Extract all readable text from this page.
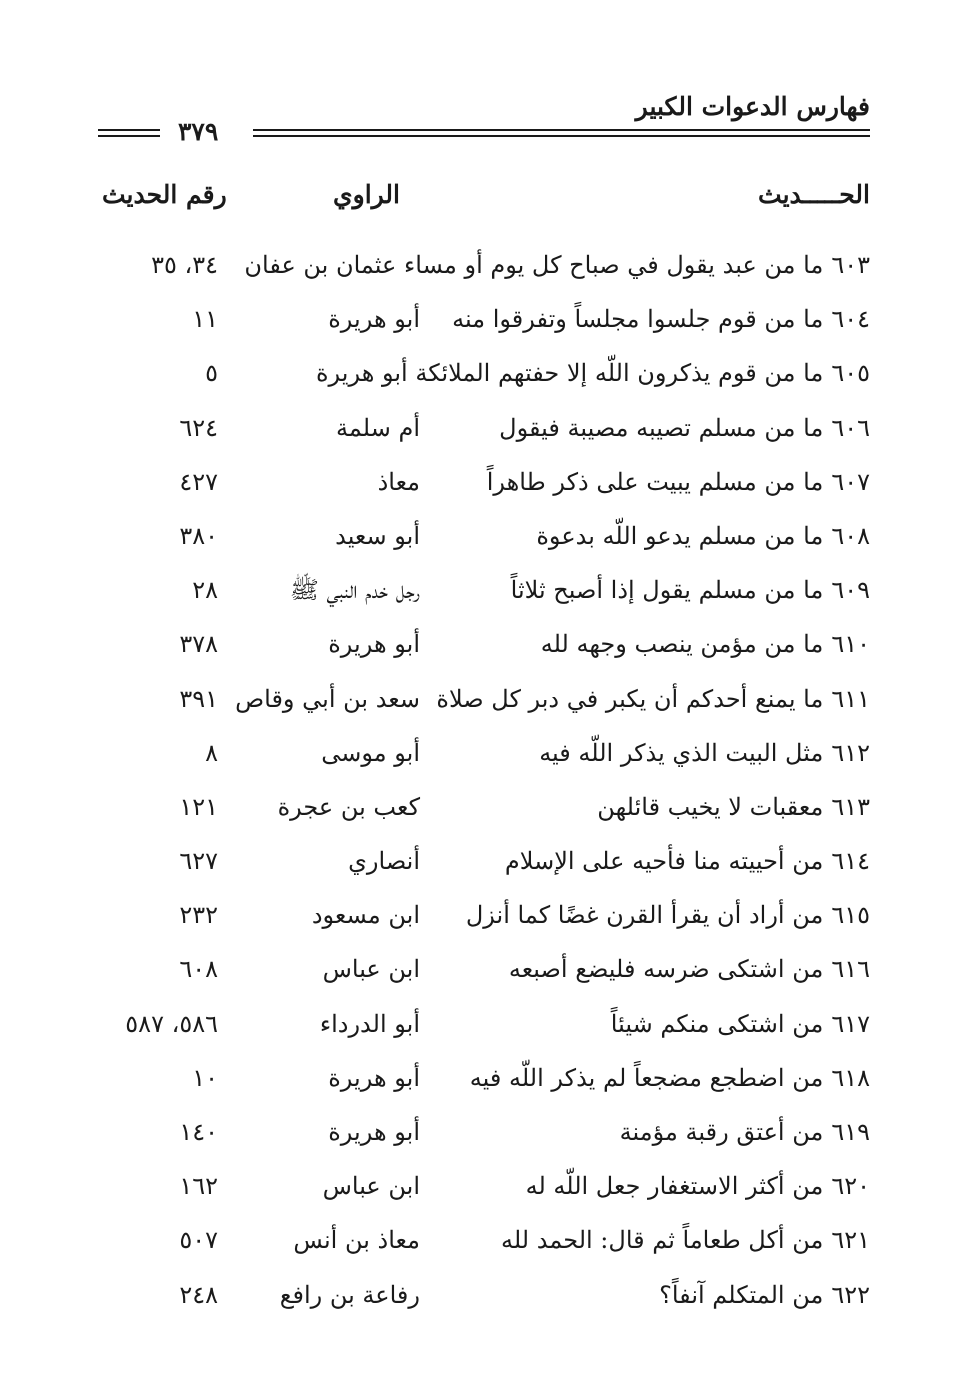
فهارس الدعوات الكبير
٣٧٩
الحـــــديث
الراوي
رقم الحديث
٦٠٣ما من عبد يقول في صباح كل يوم أو مساء عثمان بن عفان
٣٤، ٣٥
٦٠٤ما من قوم جلسوا مجلساً وتفرقوا منه
أبو هريرة
١١
٦٠٥ما من قوم يذكرون اللّه إلا حفتهم الملائكة أبو هريرة
٥
٦٠٦ما من مسلم تصيبه مصيبة فيقول
أم سلمة
٦٢٤
٦٠٧ما من مسلم يبيت على ذكر طاهراً
معاذ
٤٢٧
٦٠٨ما من مسلم يدعو اللّه بدعوة
أبو سعيد
٣٨٠
٦٠٩ما من مسلم يقول إذا أصبح ثلاثاً
رجل خدم النبي ﷺ
٢٨
٦١٠ما من مؤمن ينصب وجهه لله
أبو هريرة
٣٧٨
٦١١ما يمنع أحدكم أن يكبر في دبر كل صلاة
سعد بن أبي وقاص
٣٩١
٦١٢مثل البيت الذي يذكر اللّه فيه
أبو موسى
٨
٦١٣معقبات لا يخيب قائلهن
كعب بن عجرة
١٢١
٦١٤من أحييته منا فأحيه على الإسلام
أنصاري
٦٢٧
٦١٥من أراد أن يقرأ القرن غضًا كما أنزل
ابن مسعود
٢٣٢
٦١٦من اشتكى ضرسه فليضع أصبعه
ابن عباس
٦٠٨
٦١٧من اشتكى منكم شيئاً
أبو الدرداء
٥٨٦، ٥٨٧
٦١٨من اضطجع مضجعاً لم يذكر اللّه فيه
أبو هريرة
١٠
٦١٩من أعتق رقبة مؤمنة
أبو هريرة
١٤٠
٦٢٠من أكثر الاستغفار جعل اللّه له
ابن عباس
١٦٢
٦٢١من أكل طعاماً ثم قال: الحمد لله
معاذ بن أنس
٥٠٧
٦٢٢من المتكلم آنفاً؟
رفاعة بن رافع
٢٤٨
